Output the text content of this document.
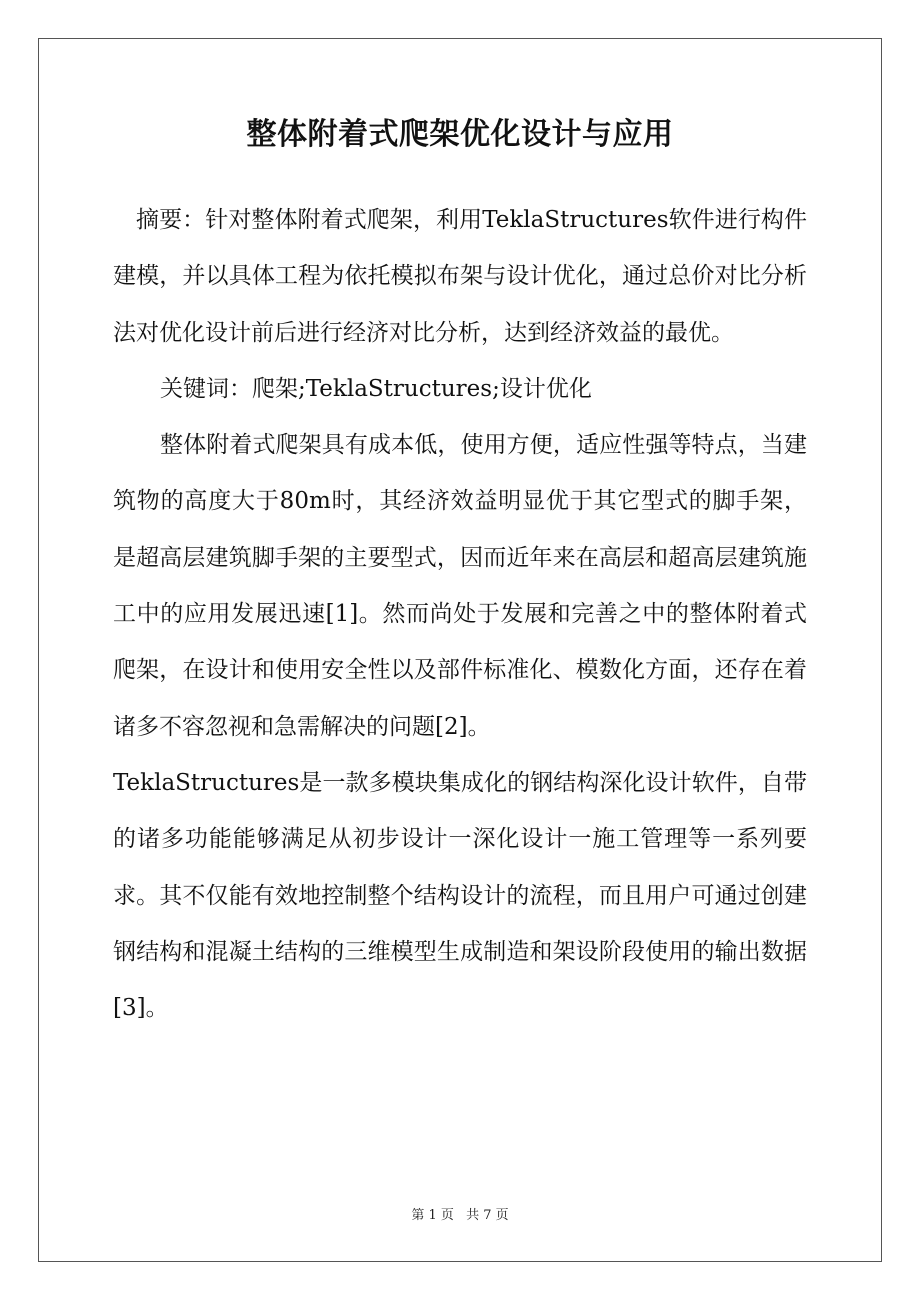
整体附着式爬架优化设计与应用

摘要：针对整体附着式爬架，利用TeklaStructures软件进行构件建模，并以具体工程为依托模拟布架与设计优化，通过总价对比分析法对优化设计前后进行经济对比分析，达到经济效益的最优。

关键词：爬架;TeklaStructures;设计优化

整体附着式爬架具有成本低，使用方便，适应性强等特点，当建筑物的高度大于80m时，其经济效益明显优于其它型式的脚手架，是超高层建筑脚手架的主要型式，因而近年来在高层和超高层建筑施工中的应用发展迅速[1]。然而尚处于发展和完善之中的整体附着式爬架，在设计和使用安全性以及部件标准化、模数化方面，还存在着诸多不容忽视和急需解决的问题[2]。

TeklaStructures是一款多模块集成化的钢结构深化设计软件，自带的诸多功能能够满足从初步设计一深化设计一施工管理等一系列要求。其不仅能有效地控制整个结构设计的流程，而且用户可通过创建钢结构和混凝土结构的三维模型生成制造和架设阶段使用的输出数据[3]。

第 1 页 共 7 页
